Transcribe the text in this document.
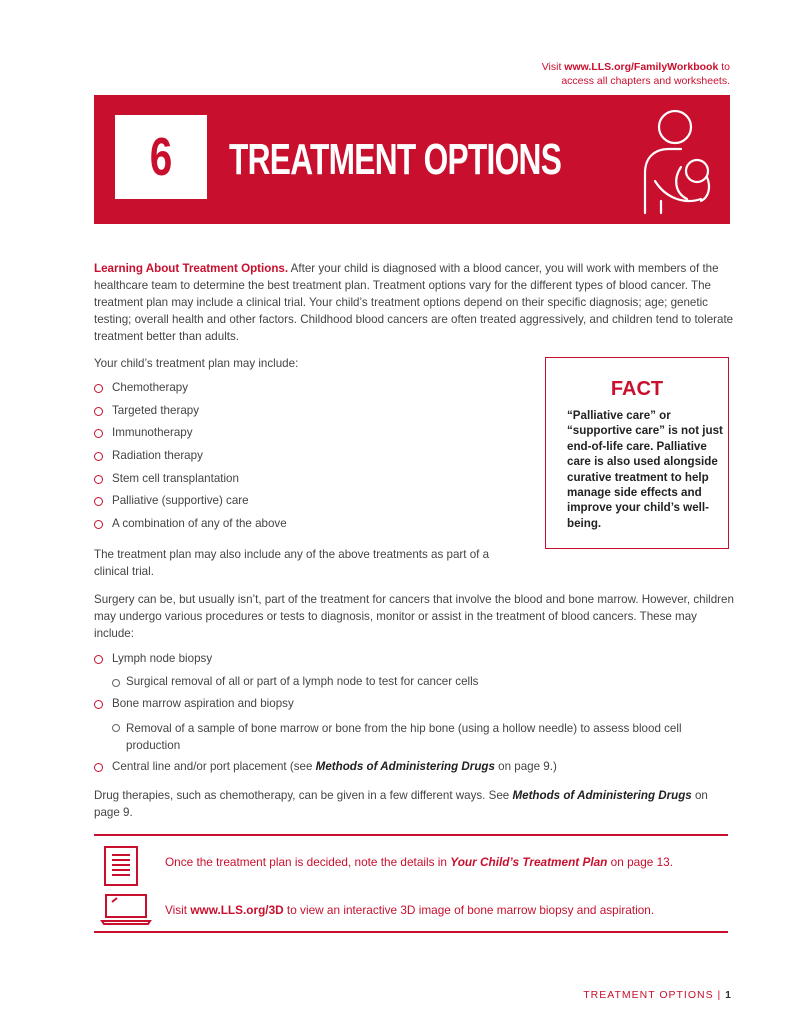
Visit www.LLS.org/FamilyWorkbook to
access all chapters and worksheets.
6 TREATMENT OPTIONS

Learning About Treatment Options. After your child is diagnosed with a blood cancer, you will work with members of the healthcare team to determine the best treatment plan. Treatment options vary for the different types of blood cancer. The treatment plan may include a clinical trial. Your child’s treatment options depend on their specific diagnosis; age; genetic testing; overall health and other factors. Childhood blood cancers are often treated aggressively, and children tend to tolerate treatment better than adults.

Your child’s treatment plan may include:

Chemotherapy
Targeted therapy
Immunotherapy
Radiation therapy
Stem cell transplantation
Palliative (supportive) care
A combination of any of the above
FACT
“Palliative care” or “supportive care” is not just end-of-life care. Palliative care is also used alongside curative treatment to help manage side effects and improve your child’s well-being.

The treatment plan may also include any of the above treatments as part of a clinical trial.

Surgery can be, but usually isn’t, part of the treatment for cancers that involve the blood and bone marrow. However, children may undergo various procedures or tests to diagnosis, monitor or assist in the treatment of blood cancers. These may include:

Lymph node biopsy
Surgical removal of all or part of a lymph node to test for cancer cells
Bone marrow aspiration and biopsy
Removal of a sample of bone marrow or bone from the hip bone (using a hollow needle) to assess blood cell production
Central line and/or port placement (see Methods of Administering Drugs on page 9.)

Drug therapies, such as chemotherapy, can be given in a few different ways. See Methods of Administering Drugs on page 9.

Once the treatment plan is decided, note the details in Your Child’s Treatment Plan on page 13.
Visit www.LLS.org/3D to view an interactive 3D image of bone marrow biopsy and aspiration.
TREATMENT OPTIONS | 1
